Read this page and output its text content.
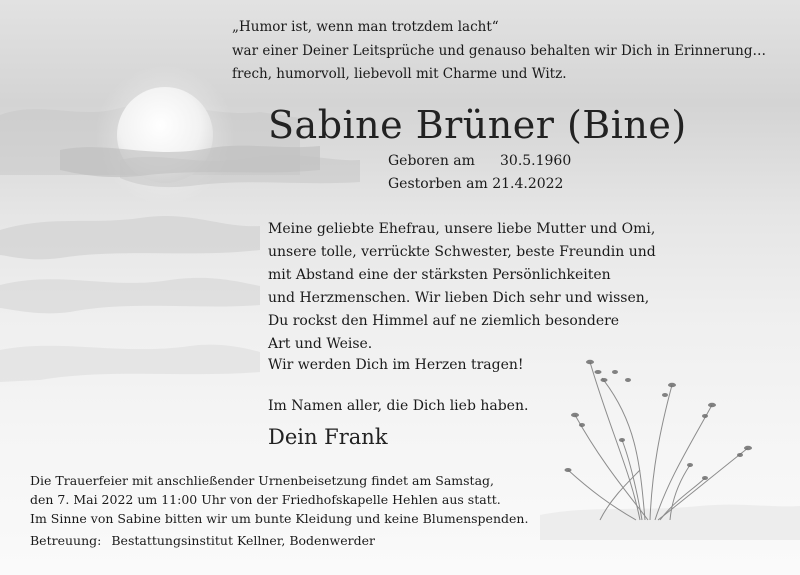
„Humor ist, wenn man trotzdem lacht“
war einer Deiner Leitsprüche und genauso behalten wir Dich in Erinnerung…
frech, humorvoll, liebevoll mit Charme und Witz.
Sabine Brüner (Bine)
Geboren am 30.5.1960
Gestorben am 21.4.2022
Meine geliebte Ehefrau, unsere liebe Mutter und Omi,
unsere tolle, verrückte Schwester, beste Freundin und
mit Abstand eine der stärksten Persönlichkeiten
und Herzmenschen. Wir lieben Dich sehr und wissen,
Du rockst den Himmel auf ne ziemlich besondere
Art und Weise.
Wir werden Dich im Herzen tragen!
Im Namen aller, die Dich lieb haben.
Dein Frank
Die Trauerfeier mit anschließender Urnenbeisetzung findet am Samstag,
den 7. Mai 2022 um 11:00 Uhr von der Friedhofskapelle Hehlen aus statt.
Im Sinne von Sabine bitten wir um bunte Kleidung und keine Blumenspenden.
Betreuung: Bestattungsinstitut Kellner, Bodenwerder
